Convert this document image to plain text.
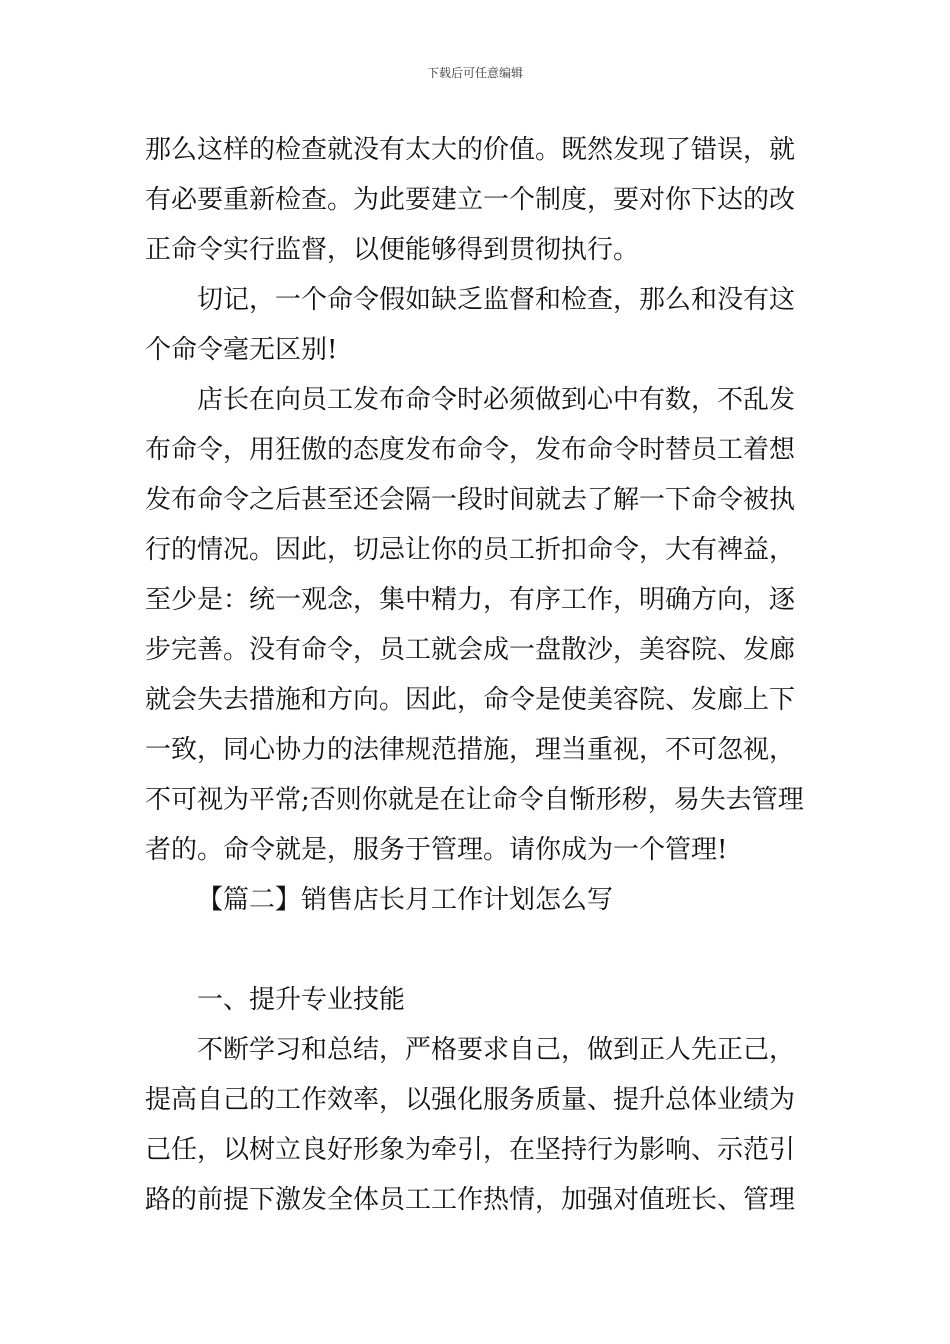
下载后可任意编辑
那么这样的检查就没有太大的价值。既然发现了错误，就
有必要重新检查。为此要建立一个制度，要对你下达的改
正命令实行监督，以便能够得到贯彻执行。
切记，一个命令假如缺乏监督和检查，那么和没有这
个命令毫无区别!
店长在向员工发布命令时必须做到心中有数，不乱发
布命令，用狂傲的态度发布命令，发布命令时替员工着想
发布命令之后甚至还会隔一段时间就去了解一下命令被执
行的情况。因此，切忌让你的员工折扣命令，大有裨益，
至少是：统一观念，集中精力，有序工作，明确方向，逐
步完善。没有命令，员工就会成一盘散沙，美容院、发廊
就会失去措施和方向。因此，命令是使美容院、发廊上下
一致，同心协力的法律规范措施，理当重视，不可忽视，
不可视为平常;否则你就是在让命令自惭形秽，易失去管理
者的。命令就是，服务于管理。请你成为一个管理!
【篇二】销售店长月工作计划怎么写
一、提升专业技能
不断学习和总结，严格要求自己，做到正人先正己，
提高自己的工作效率，以强化服务质量、提升总体业绩为
己任，以树立良好形象为牵引，在坚持行为影响、示范引
路的前提下激发全体员工工作热情，加强对值班长、管理
